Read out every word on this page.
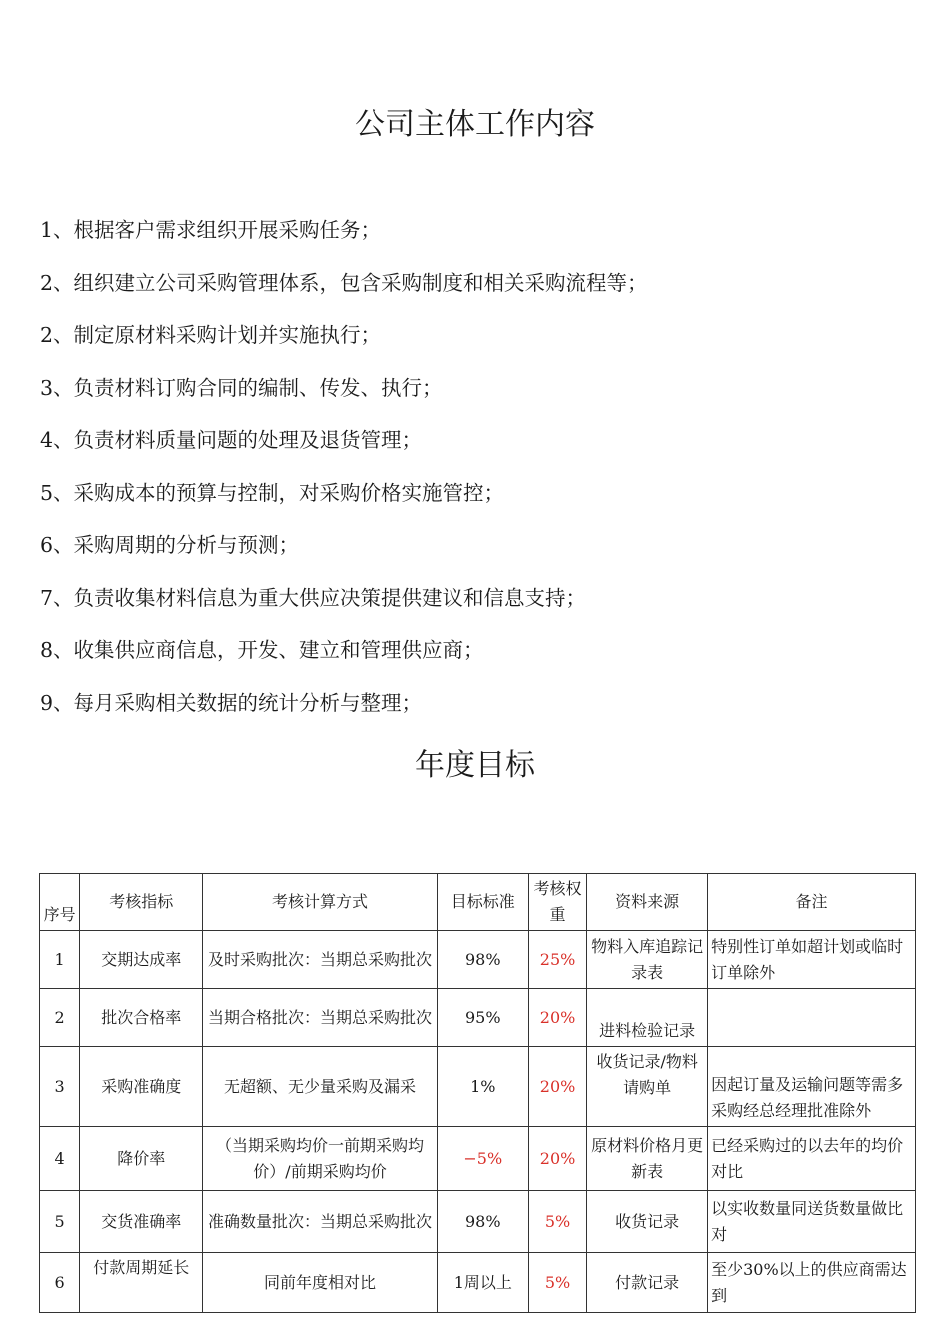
公司主体工作内容
1、根据客户需求组织开展采购任务；
2、组织建立公司采购管理体系，包含采购制度和相关采购流程等；
2、制定原材料采购计划并实施执行；
3、负责材料订购合同的编制、传发、执行；
4、负责材料质量问题的处理及退货管理；
5、采购成本的预算与控制，对采购价格实施管控；
6、采购周期的分析与预测；
7、负责收集材料信息为重大供应决策提供建议和信息支持；
8、收集供应商信息，开发、建立和管理供应商；
9、每月采购相关数据的统计分析与整理；
年度目标
序号	考核指标	考核计算方式	目标标准	考核权重	资料来源	备注
1	交期达成率	及时采购批次：当期总采购批次	98%	25%	物料入库追踪记录表	特别性订单如超计划或临时订单除外
2	批次合格率	当期合格批次：当期总采购批次	95%	20%	进料检验记录	
3	采购准确度	无超额、无少量采购及漏采	1%	20%	收货记录/物料请购单	因起订量及运输问题等需多采购经总经理批准除外
4	降价率	（当期采购均价一前期采购均价）/前期采购均价	−5%	20%	原材料价格月更新表	已经采购过的以去年的均价对比
5	交货准确率	准确数量批次：当期总采购批次	98%	5%	收货记录	以实收数量同送货数量做比对
6	付款周期延长	同前年度相对比	1周以上	5%	付款记录	至少30%以上的供应商需达到
